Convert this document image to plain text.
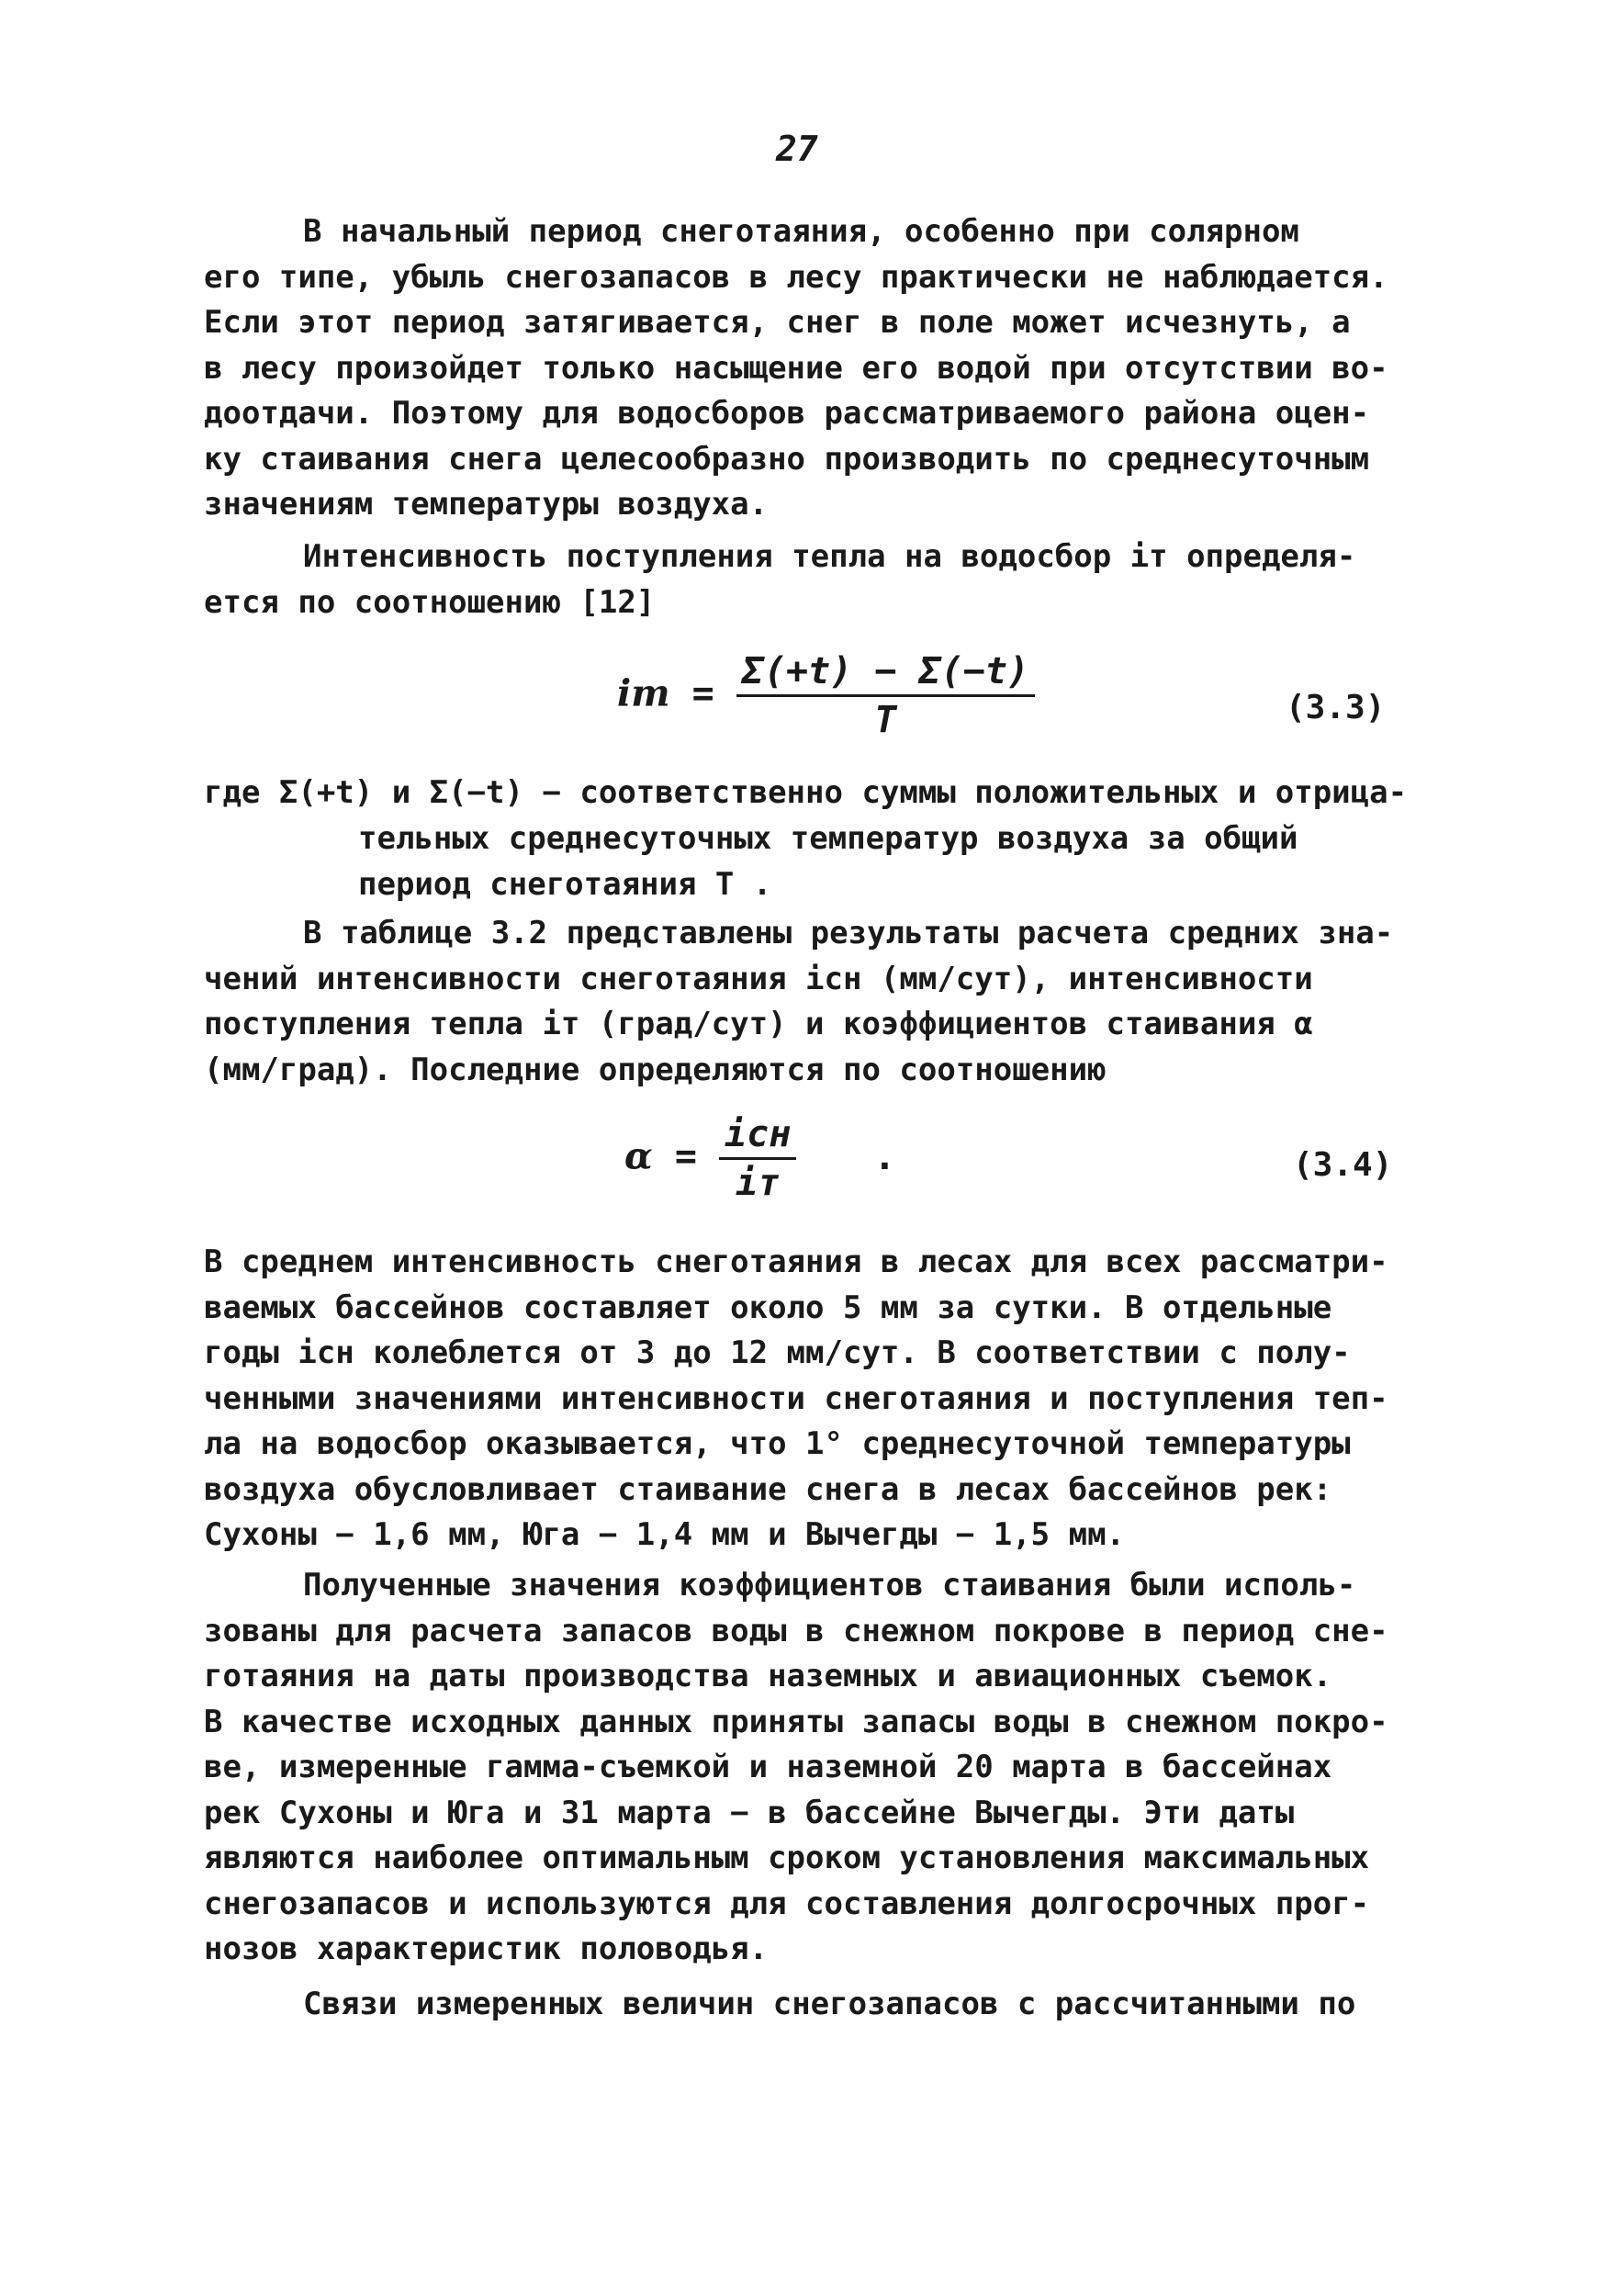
27
В начальный период снеготаяния, особенно при солярном
его типе, убыль снегозапасов в лесу практически не наблюдается.
Если этот период затягивается, снег в поле может исчезнуть, а
в лесу произойдет только насыщение его водой при отсутствии во-
доотдачи. Поэтому для водосборов рассматриваемого района оцен-
ку стаивания снега целесообразно производить по среднесуточным
значениям температуры воздуха.
Интенсивность поступления тепла на водосбор iт определя-
ется по соотношению [12]
iт = $\frac{\Sigma(+t) - \Sigma(-t)}{T}$	(3.3)
где Σ(+t) и Σ(−t) − соответственно суммы положительных и отрица-
тельных среднесуточных температур воздуха за общий
период снеготаяния T .
В таблице 3.2 представлены результаты расчета средних зна-
чений интенсивности снеготаяния iсн (мм/сут), интенсивности
поступления тепла iт (град/сут) и коэффициентов стаивания α
(мм/град). Последние определяются по соотношению
$\alpha = \frac{\text{iсн}}{iт}$ .	(3.4)
В среднем интенсивность снеготаяния в лесах для всех рассматри-
ваемых бассейнов составляет около 5 мм за сутки. В отдельные
годы iсн колеблется от 3 до 12 мм/сут. В соответствии с полу-
ченными значениями интенсивности снеготаяния и поступления теп-
ла на водосбор оказывается, что 1° среднесуточной температуры
воздуха обусловливает стаивание снега в лесах бассейнов рек:
Сухоны − 1,6 мм, Юга − 1,4 мм и Вычегды − 1,5 мм.
Полученные значения коэффициентов стаивания были исполь-
зованы для расчета запасов воды в снежном покрове в период сне-
готаяния на даты производства наземных и авиационных съемок.
В качестве исходных данных приняты запасы воды в снежном покро-
ве, измеренные гамма-съемкой и наземной 20 марта в бассейнах
рек Сухоны и Юга и 31 марта − в бассейне Вычегды. Эти даты
являются наиболее оптимальным сроком установления максимальных
снегозапасов и используются для составления долгосрочных прог-
нозов характеристик половодья.
Связи измеренных величин снегозапасов с рассчитанными по
